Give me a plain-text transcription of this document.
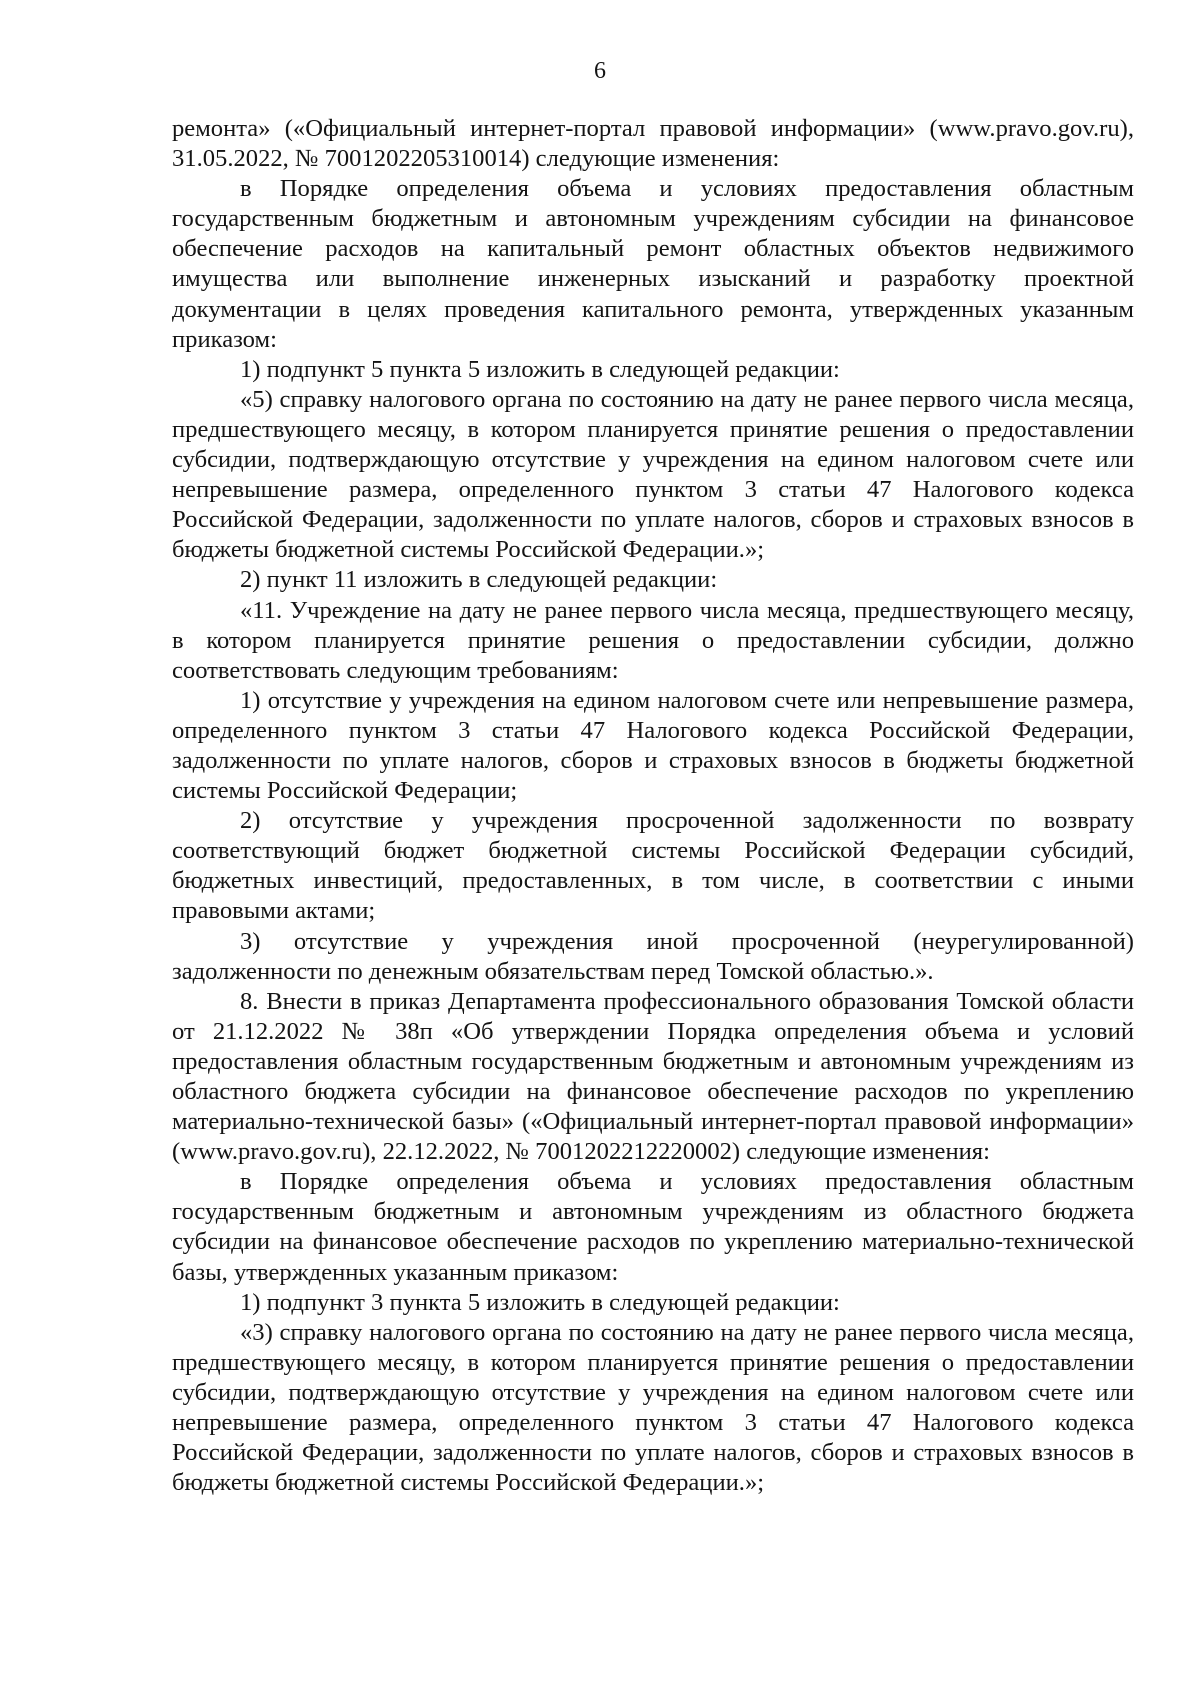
6

ремонта» («Официальный интернет-портал правовой информации» (www.pravo.gov.ru), 31.05.2022, № 7001202205310014) следующие изменения:

в Порядке определения объема и условиях предоставления областным государственным бюджетным и автономным учреждениям субсидии на финансовое обеспечение расходов на капитальный ремонт областных объектов недвижимого имущества или выполнение инженерных изысканий и разработку проектной документации в целях проведения капитального ремонта, утвержденных указанным приказом:

1) подпункт 5 пункта 5 изложить в следующей редакции:

«5) справку налогового органа по состоянию на дату не ранее первого числа месяца, предшествующего месяцу, в котором планируется принятие решения о предоставлении субсидии, подтверждающую отсутствие у учреждения на едином налоговом счете или непревышение размера, определенного пунктом 3 статьи 47 Налогового кодекса Российской Федерации, задолженности по уплате налогов, сборов и страховых взносов в бюджеты бюджетной системы Российской Федерации.»;

2) пункт 11 изложить в следующей редакции:

«11. Учреждение на дату не ранее первого числа месяца, предшествующего месяцу, в котором планируется принятие решения о предоставлении субсидии, должно соответствовать следующим требованиям:

1) отсутствие у учреждения на едином налоговом счете или непревышение размера, определенного пунктом 3 статьи 47 Налогового кодекса Российской Федерации, задолженности по уплате налогов, сборов и страховых взносов в бюджеты бюджетной системы Российской Федерации;

2) отсутствие у учреждения просроченной задолженности по возврату соответствующий бюджет бюджетной системы Российской Федерации субсидий, бюджетных инвестиций, предоставленных, в том числе, в соответствии с иными правовыми актами;

3) отсутствие у учреждения иной просроченной (неурегулированной) задолженности по денежным обязательствам перед Томской областью.».

8. Внести в приказ Департамента профессионального образования Томской области от 21.12.2022 № 38п «Об утверждении Порядка определения объема и условий предоставления областным государственным бюджетным и автономным учреждениям из областного бюджета субсидии на финансовое обеспечение расходов по укреплению материально-технической базы» («Официальный интернет-портал правовой информации» (www.pravo.gov.ru), 22.12.2022, № 7001202212220002) следующие изменения:

в Порядке определения объема и условиях предоставления областным государственным бюджетным и автономным учреждениям из областного бюджета субсидии на финансовое обеспечение расходов по укреплению материально-технической базы, утвержденных указанным приказом:

1) подпункт 3 пункта 5 изложить в следующей редакции:

«3) справку налогового органа по состоянию на дату не ранее первого числа месяца, предшествующего месяцу, в котором планируется принятие решения о предоставлении субсидии, подтверждающую отсутствие у учреждения на едином налоговом счете или непревышение размера, определенного пунктом 3 статьи 47 Налогового кодекса Российской Федерации, задолженности по уплате налогов, сборов и страховых взносов в бюджеты бюджетной системы Российской Федерации.»;
